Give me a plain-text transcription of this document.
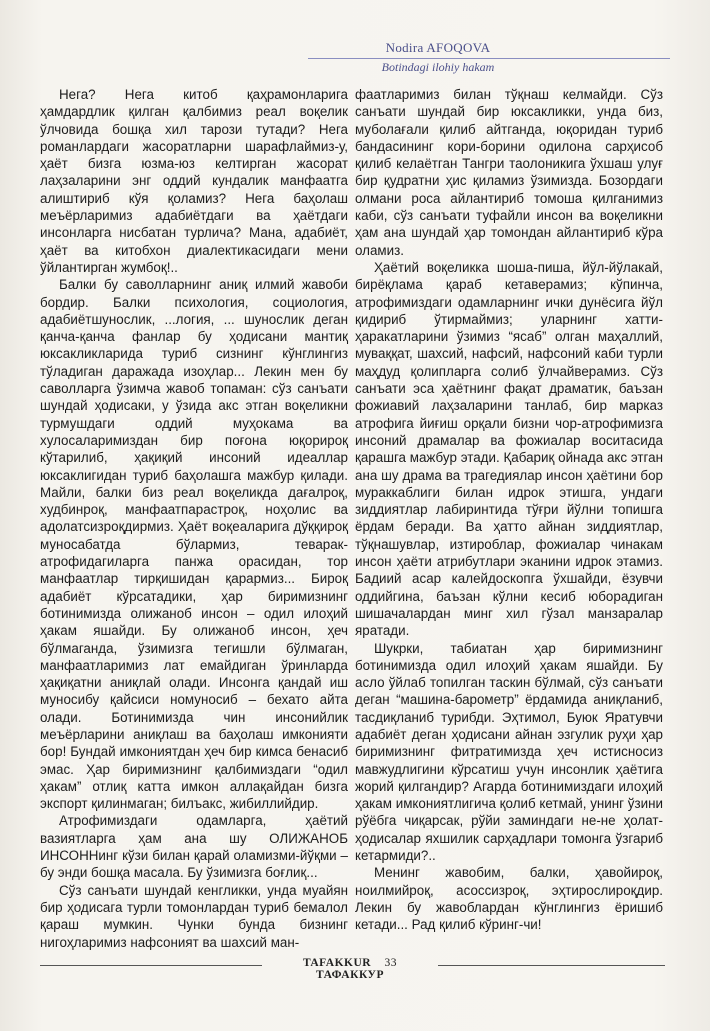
Nodira AFOQOVA
Botindagi ilohiy hakam

Нега? Нега китоб қаҳрамонларига ҳамдардлик қилган қалбимиз реал воқелик ўлчовида бошқа хил тарози тутади? Нега романлардаги жасоратларни шарафлаймиз-у, ҳаёт бизга юзма-юз келтирган жасорат лаҳзаларини энг оддий кундалик манфаатга алиштириб кўя қоламиз? Нега баҳолаш меъёрларимиз адабиётдаги ва ҳаётдаги инсонларга нисбатан турлича? Мана, адабиёт, ҳаёт ва китобхон диалектикасидаги мени ўйлантирган жумбоқ!..

Балки бу саволларнинг аниқ илмий жавоби бордир. Балки психология, социология, адабиётшунослик, ...логия, ... шунослик деган қанча-қанча фанлар бу ҳодисани мантиқ юксакликларида туриб сизнинг кўнглингиз тўладиган даражада изоҳлар... Лекин мен бу саволларга ўзимча жавоб топаман: сўз санъати шундай ҳодисаки, у ўзида акс этган воқеликни турмушдаги оддий муҳокама ва хулосаларимиздан бир поғона юқорироқ кўтарилиб, ҳақиқий инсоний идеаллар юксаклигидан туриб баҳолашга мажбур қилади. Майли, балки биз реал воқеликда дағалроқ, худбинроқ, манфаатпарастроқ, ноҳолис ва адолатсизроқдирмиз. Ҳаёт воқеаларига дўққироқ муносабатда бўлармиз, теварак-атрофидагиларга панжа орасидан, тор манфаатлар тирқишидан қарармиз... Бироқ адабиёт кўрсатадики, ҳар биримизнинг ботинимизда олижаноб инсон – одил илоҳий ҳакам яшайди. Бу олижаноб инсон, ҳеч бўлмаганда, ўзимизга тегишли бўлмаган, манфаатларимиз лат емайдиган ўринларда ҳақиқатни аниқлай олади. Инсонга қандай иш муносибу қайсиси номуносиб – бехато айта олади. Ботинимизда чин инсонийлик меъёрларини аниқлаш ва баҳолаш имконияти бор! Бундай имкониятдан ҳеч бир кимса бенасиб эмас. Ҳар биримизнинг қалбимиздаги “одил ҳакам” отлиқ катта имкон аллақайдан бизга экспорт қилинмаган; билъакс, жибиллийдир.

Атрофимиздаги одамларга, ҳаётий вазиятларга ҳам ана шу ОЛИЖАНОБ ИНСОННинг кўзи билан қарай оламизми-йўқми – бу энди бошқа масала. Бу ўзимизга боғлиқ...

Сўз санъати шундай кенгликки, унда муайян бир ҳодисага турли томонлардан туриб бемалол қараш мумкин. Чунки бунда бизнинг нигоҳларимиз нафсоният ва шахсий ман-

фаатларимиз билан тўқнаш келмайди. Сўз санъати шундай бир юксакликки, унда биз, муболағали қилиб айтганда, юқоридан туриб бандасининг кори-борини одилона сарҳисоб қилиб келаётган Тангри таолоникига ўхшаш улуғ бир қудратни ҳис қиламиз ўзимизда. Бозордаги олмани роса айлантириб томоша қилганимиз каби, сўз санъати туфайли инсон ва воқеликни ҳам ана шундай ҳар томондан айлантириб кўра оламиз.

Ҳаётий воқеликка шоша-пиша, йўл-йўлакай, бирёқлама қараб кетаверамиз; кўпинча, атрофимиздаги одамларнинг ички дунёсига йўл қидириб ўтирмаймиз; уларнинг хатти-ҳаракатларини ўзимиз “ясаб” олган маҳаллий, муваққат, шахсий, нафсий, нафсоний каби турли маҳдуд қолипларга солиб ўлчайверамиз. Сўз санъати эса ҳаётнинг фақат драматик, баъзан фожиавий лаҳзаларини танлаб, бир марказ атрофига йиғиш орқали бизни чор-атрофимизга инсоний драмалар ва фожиалар воситасида қарашга мажбур этади. Қабариқ ойнада акс этган ана шу драма ва трагедиялар инсон ҳаётини бор мураккаблиги билан идрок этишга, ундаги зиддиятлар лабиринтида тўғри йўлни топишга ёрдам беради. Ва ҳатто айнан зиддиятлар, тўқнашувлар, изтироблар, фожиалар чинакам инсон ҳаёти атрибутлари эканини идрок этамиз. Бадиий асар калейдоскопга ўхшайди, ёзувчи оддийгина, баъзан кўлни кесиб юборадиган шишачалардан минг хил гўзал манзаралар яратади.

Шукрки, табиатан ҳар биримизнинг ботинимизда одил илоҳий ҳакам яшайди. Бу асло ўйлаб топилган таскин бўлмай, сўз санъати деган “машина-барометр” ёрдамида аниқланиб, тасдиқланиб турибди. Эҳтимол, Буюк Яратувчи адабиёт деган ҳодисани айнан эзгулик руҳи ҳар биримизнинг фитратимизда ҳеч истисносиз мавжудлигини кўрсатиш учун инсонлик ҳаётига жорий қилгандир? Агарда ботинимиздаги илоҳий ҳакам имкониятлигича қолиб кетмай, унинг ўзини рўёбга чиқарсак, рўйи заминдаги не-не ҳолат-ҳодисалар яхшилик сарҳадлари томонга ўзгариб кетармиди?..

Менинг жавобим, балки, ҳавойироқ, ноилмийроқ, асоссизроқ, эҳтирослироқдир. Лекин бу жавоблардан кўнглингиз ёришиб кетади... Рад қилиб кўринг-чи!

TAFAKKUR 33 ТАФАККУР
